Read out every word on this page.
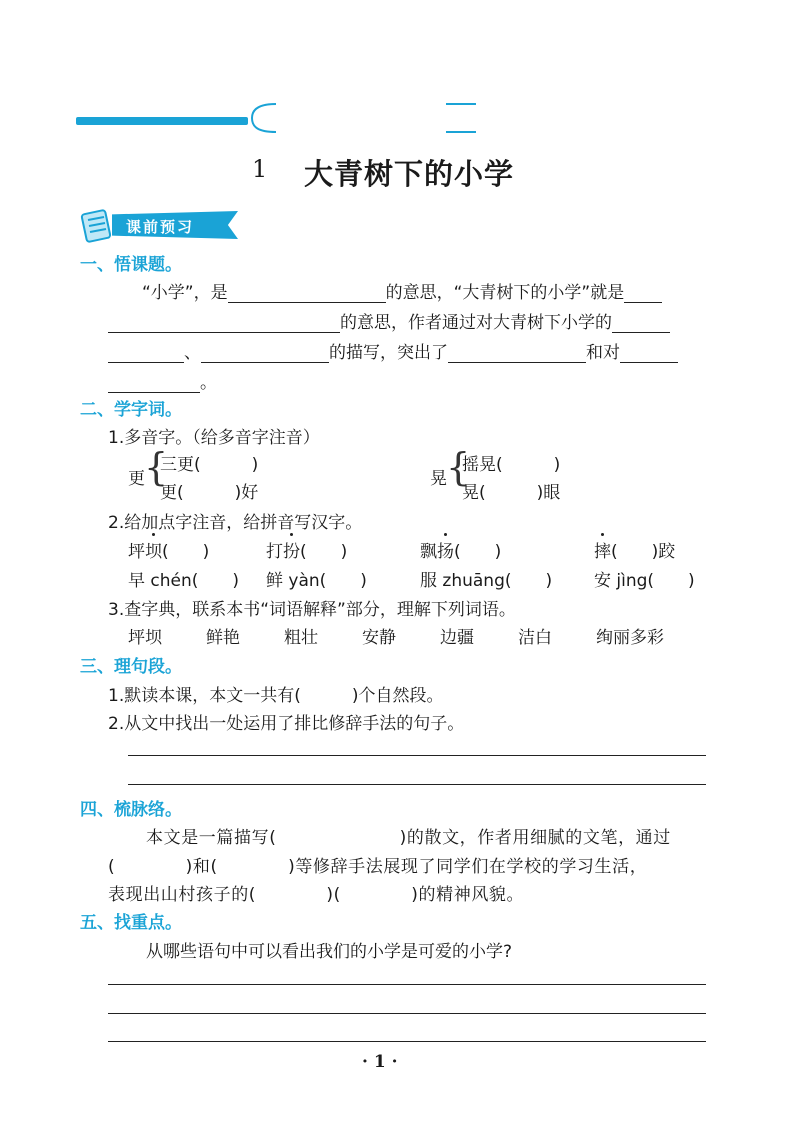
1 大青树下的小学
课前预习
一、悟课题。
“小学”，是	的意思，“大青树下的小学”就是
的意思，作者通过对大青树下小学的
、	的描写，突出了	和对
。
二、学字词。
1.多音字。（给多音字注音）
更 {
三更(　　　)
更(　　　)好
晃 {
摇晃(　　　)
晃(　　　)眼
2.给加点字注音，给拼音写汉字。
坪坝(　　)	打扮(　　)	飘扬(　　)	摔(　　)跤
早 chén(　　) 鲜 yàn(　　)	服 zhuāng(　　) 安 jìng(　　)
3.查字典，联系本书“词语解释”部分，理解下列词语。
坪坝	鲜艳	粗壮	安静	边疆	洁白	绚丽多彩
三、理句段。
1.默读本课，本文一共有(　　　)个自然段。
2.从文中找出一处运用了排比修辞手法的句子。
四、梳脉络。
本文是一篇描写(　　　　　　　)的散文，作者用细腻的文笔，通过
(　　　　)和(　　　　)等修辞手法展现了同学们在学校的学习生活，
表现出山村孩子的(　　　　)(　　　　)的精神风貌。
五、找重点。
从哪些语句中可以看出我们的小学是可爱的小学?
· 1 ·
